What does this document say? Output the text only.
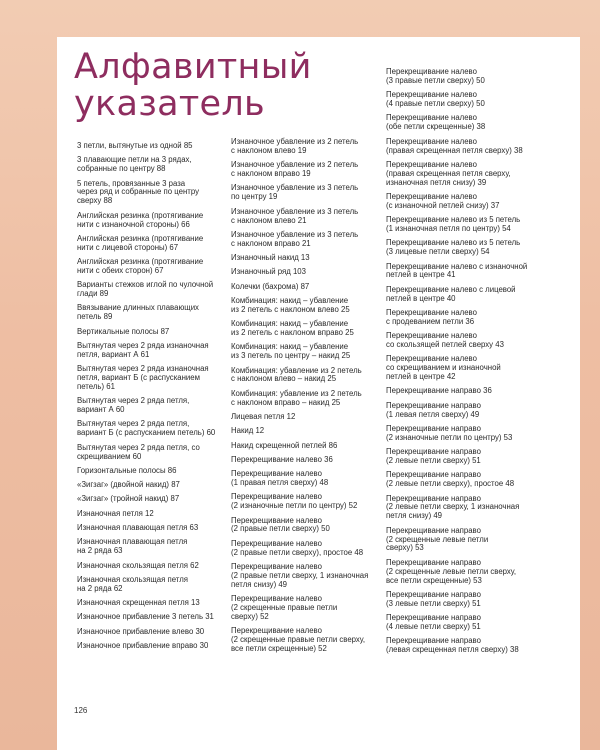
Алфавитный
указатель

3 петли, вытянутые из одной 85

3 плавающие петли на 3 рядах,
собранные по центру 88

5 петель, провязанные 3 раза
через ряд и собранные по центру
сверху 88

Английская резинка (протягивание
нити с изнаночной стороны) 66

Английская резинка (протягивание
нити с лицевой стороны) 67

Английская резинка (протягивание
нити с обеих сторон) 67

Варианты стежков иглой по чулочной
глади 89

Ввязывание длинных плавающих
петель 89

Вертикальные полосы 87

Вытянутая через 2 ряда изнаночная
петля, вариант А 61

Вытянутая через 2 ряда изнаночная
петля, вариант Б (с распусканием
петель) 61

Вытянутая через 2 ряда петля,
вариант А 60

Вытянутая через 2 ряда петля,
вариант Б (с распусканием петель) 60

Вытянутая через 2 ряда петля, со
скрещиванием 60

Горизонтальные полосы 86

«Зигзаг» (двойной накид) 87

«Зигзаг» (тройной накид) 87

Изнаночная петля 12

Изнаночная плавающая петля 63

Изнаночная плавающая петля
на 2 ряда 63

Изнаночная скользящая петля 62

Изнаночная скользящая петля
на 2 ряда 62

Изнаночная скрещенная петля 13

Изнаночное прибавление 3 петель 31

Изнаночное прибавление влево 30

Изнаночное прибавление вправо 30

Изнаночное убавление из 2 петель
с наклоном влево 19

Изнаночное убавление из 2 петель
с наклоном вправо 19

Изнаночное убавление из 3 петель
по центру 19

Изнаночное убавление из 3 петель
с наклоном влево 21

Изнаночное убавление из 3 петель
с наклоном вправо 21

Изнаночный накид 13

Изнаночный ряд 103

Колечки (бахрома) 87

Комбинация: накид – убавление
из 2 петель с наклоном влево 25

Комбинация: накид – убавление
из 2 петель с наклоном вправо 25

Комбинация: накид – убавление
из 3 петель по центру – накид 25

Комбинация: убавление из 2 петель
с наклоном влево – накид 25

Комбинация: убавление из 2 петель
с наклоном вправо – накид 25

Лицевая петля 12

Накид 12

Накид скрещенной петлей 86

Перекрещивание налево 36

Перекрещивание налево
(1 правая петля сверху) 48

Перекрещивание налево
(2 изнаночные петли по центру) 52

Перекрещивание налево
(2 правые петли сверху) 50

Перекрещивание налево
(2 правые петли сверху), простое 48

Перекрещивание налево
(2 правые петли сверху, 1 изнаночная
петля снизу) 49

Перекрещивание налево
(2 скрещенные правые петли
сверху) 52

Перекрещивание налево
(2 скрещенные правые петли сверху,
все петли скрещенные) 52

Перекрещивание налево
(3 правые петли сверху) 50

Перекрещивание налево
(4 правые петли сверху) 50

Перекрещивание налево
(обе петли скрещенные) 38

Перекрещивание налево
(правая скрещенная петля сверху) 38

Перекрещивание налево
(правая скрещенная петля сверху,
изнаночная петля снизу) 39

Перекрещивание налево
(с изнаночной петлей снизу) 37

Перекрещивание налево из 5 петель
(1 изнаночная петля по центру) 54

Перекрещивание налево из 5 петель
(3 лицевые петли сверху) 54

Перекрещивание налево с изнаночной
петлей в центре 41

Перекрещивание налево с лицевой
петлей в центре 40

Перекрещивание налево
с продеванием петли 36

Перекрещивание налево
со скользящей петлей сверху 43

Перекрещивание налево
со скрещиванием и изнаночной
петлей в центре 42

Перекрещивание направо 36

Перекрещивание направо
(1 левая петля сверху) 49

Перекрещивание направо
(2 изнаночные петли по центру) 53

Перекрещивание направо
(2 левые петли сверху) 51

Перекрещивание направо
(2 левые петли сверху), простое 48

Перекрещивание направо
(2 левые петли сверху, 1 изнаночная
петля снизу) 49

Перекрещивание направо
(2 скрещенные левые петли
сверху) 53

Перекрещивание направо
(2 скрещенные левые петли сверху,
все петли скрещенные) 53

Перекрещивание направо
(3 левые петли сверху) 51

Перекрещивание направо
(4 левые петли сверху) 51

Перекрещивание направо
(левая скрещенная петля сверху) 38

126
